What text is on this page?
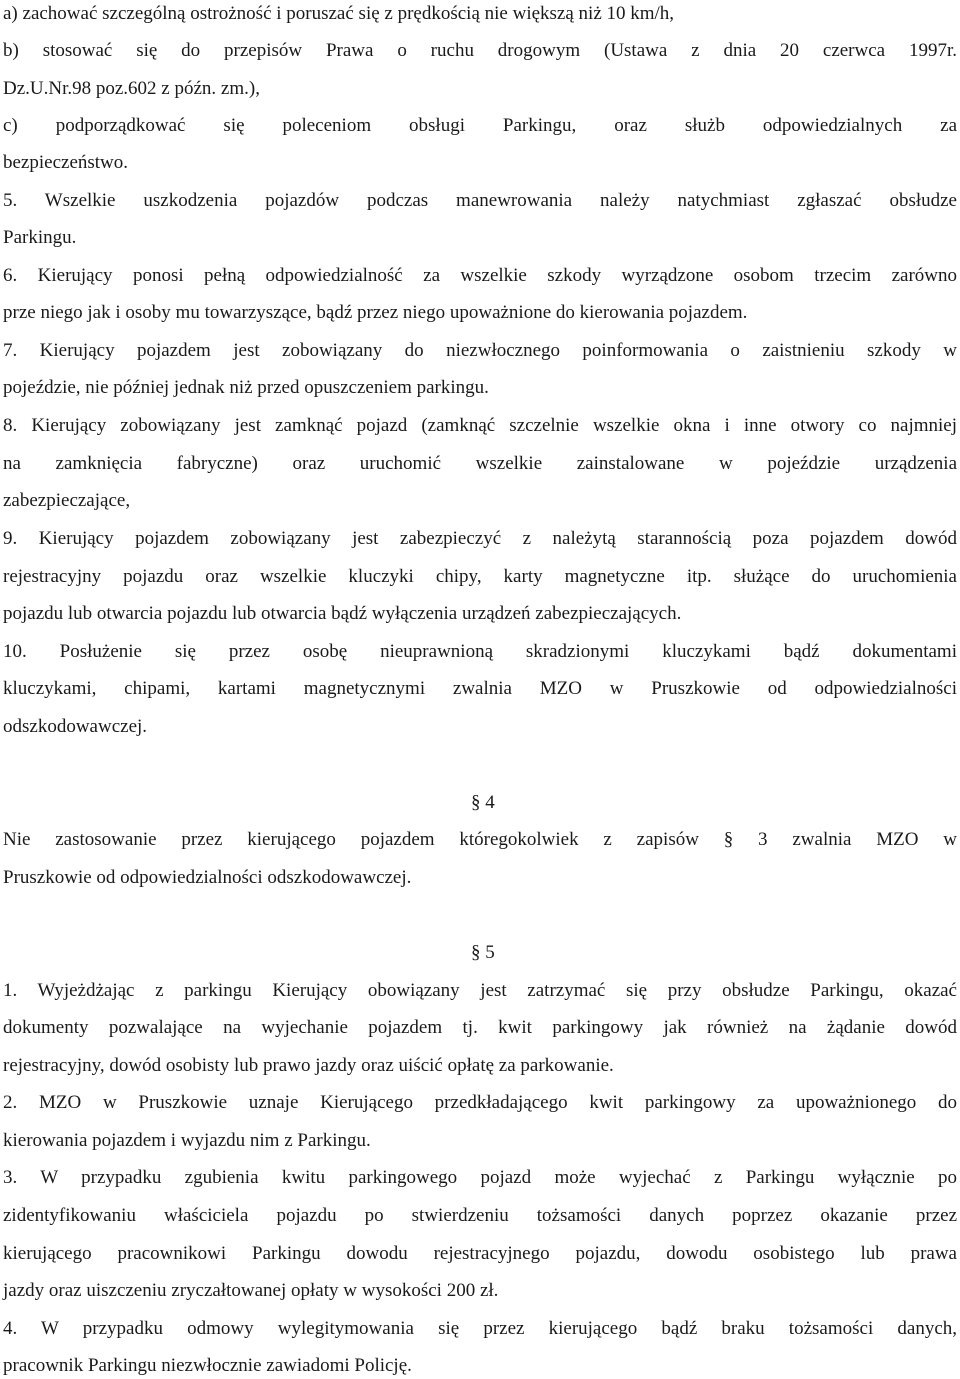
a) zachować szczególną ostrożność i poruszać się z prędkością nie większą niż 10 km/h,
b) stosować się do przepisów Prawa o ruchu drogowym (Ustawa z dnia 20 czerwca 1997r.
Dz.U.Nr.98 poz.602 z późn. zm.),
c) podporządkować się poleceniom obsługi Parkingu, oraz służb odpowiedzialnych za
bezpieczeństwo.
5. Wszelkie uszkodzenia pojazdów podczas manewrowania należy natychmiast zgłaszać obsłudze
Parkingu.
6. Kierujący ponosi pełną odpowiedzialność za wszelkie szkody wyrządzone osobom trzecim zarówno
prze niego jak i osoby mu towarzyszące, bądź przez niego upoważnione do kierowania pojazdem.
7. Kierujący pojazdem jest zobowiązany do niezwłocznego poinformowania o zaistnieniu szkody w
pojeździe, nie później jednak niż przed opuszczeniem parkingu.
8. Kierujący zobowiązany jest zamknąć pojazd (zamknąć szczelnie wszelkie okna i inne otwory co najmniej
na zamknięcia fabryczne) oraz uruchomić wszelkie zainstalowane w pojeździe urządzenia
zabezpieczające,
9. Kierujący pojazdem zobowiązany jest zabezpieczyć z należytą starannością poza pojazdem dowód
rejestracyjny pojazdu oraz wszelkie kluczyki chipy, karty magnetyczne itp. służące do uruchomienia
pojazdu lub otwarcia pojazdu lub otwarcia bądź wyłączenia urządzeń zabezpieczających.
10. Posłużenie się przez osobę nieuprawnioną skradzionymi kluczykami bądź dokumentami
kluczykami, chipami, kartami magnetycznymi zwalnia MZO w Pruszkowie od odpowiedzialności
odszkodowawczej.
§ 4
Nie zastosowanie przez kierującego pojazdem któregokolwiek z zapisów § 3 zwalnia MZO w
Pruszkowie od odpowiedzialności odszkodowawczej.
§ 5
1. Wyjeżdżając z parkingu Kierujący obowiązany jest zatrzymać się przy obsłudze Parkingu, okazać
dokumenty pozwalające na wyjechanie pojazdem tj. kwit parkingowy jak również na żądanie dowód
rejestracyjny, dowód osobisty lub prawo jazdy oraz uiścić opłatę za parkowanie.
2. MZO w Pruszkowie uznaje Kierującego przedkładającego kwit parkingowy za upoważnionego do
kierowania pojazdem i wyjazdu nim z Parkingu.
3. W przypadku zgubienia kwitu parkingowego pojazd może wyjechać z Parkingu wyłącznie po
zidentyfikowaniu właściciela pojazdu po stwierdzeniu tożsamości danych poprzez okazanie przez
kierującego pracownikowi Parkingu dowodu rejestracyjnego pojazdu, dowodu osobistego lub prawa
jazdy oraz uiszczeniu zryczałtowanej opłaty w wysokości 200 zł.
4. W przypadku odmowy wylegitymowania się przez kierującego bądź braku tożsamości danych,
pracownik Parkingu niezwłocznie zawiadomi Policję.
